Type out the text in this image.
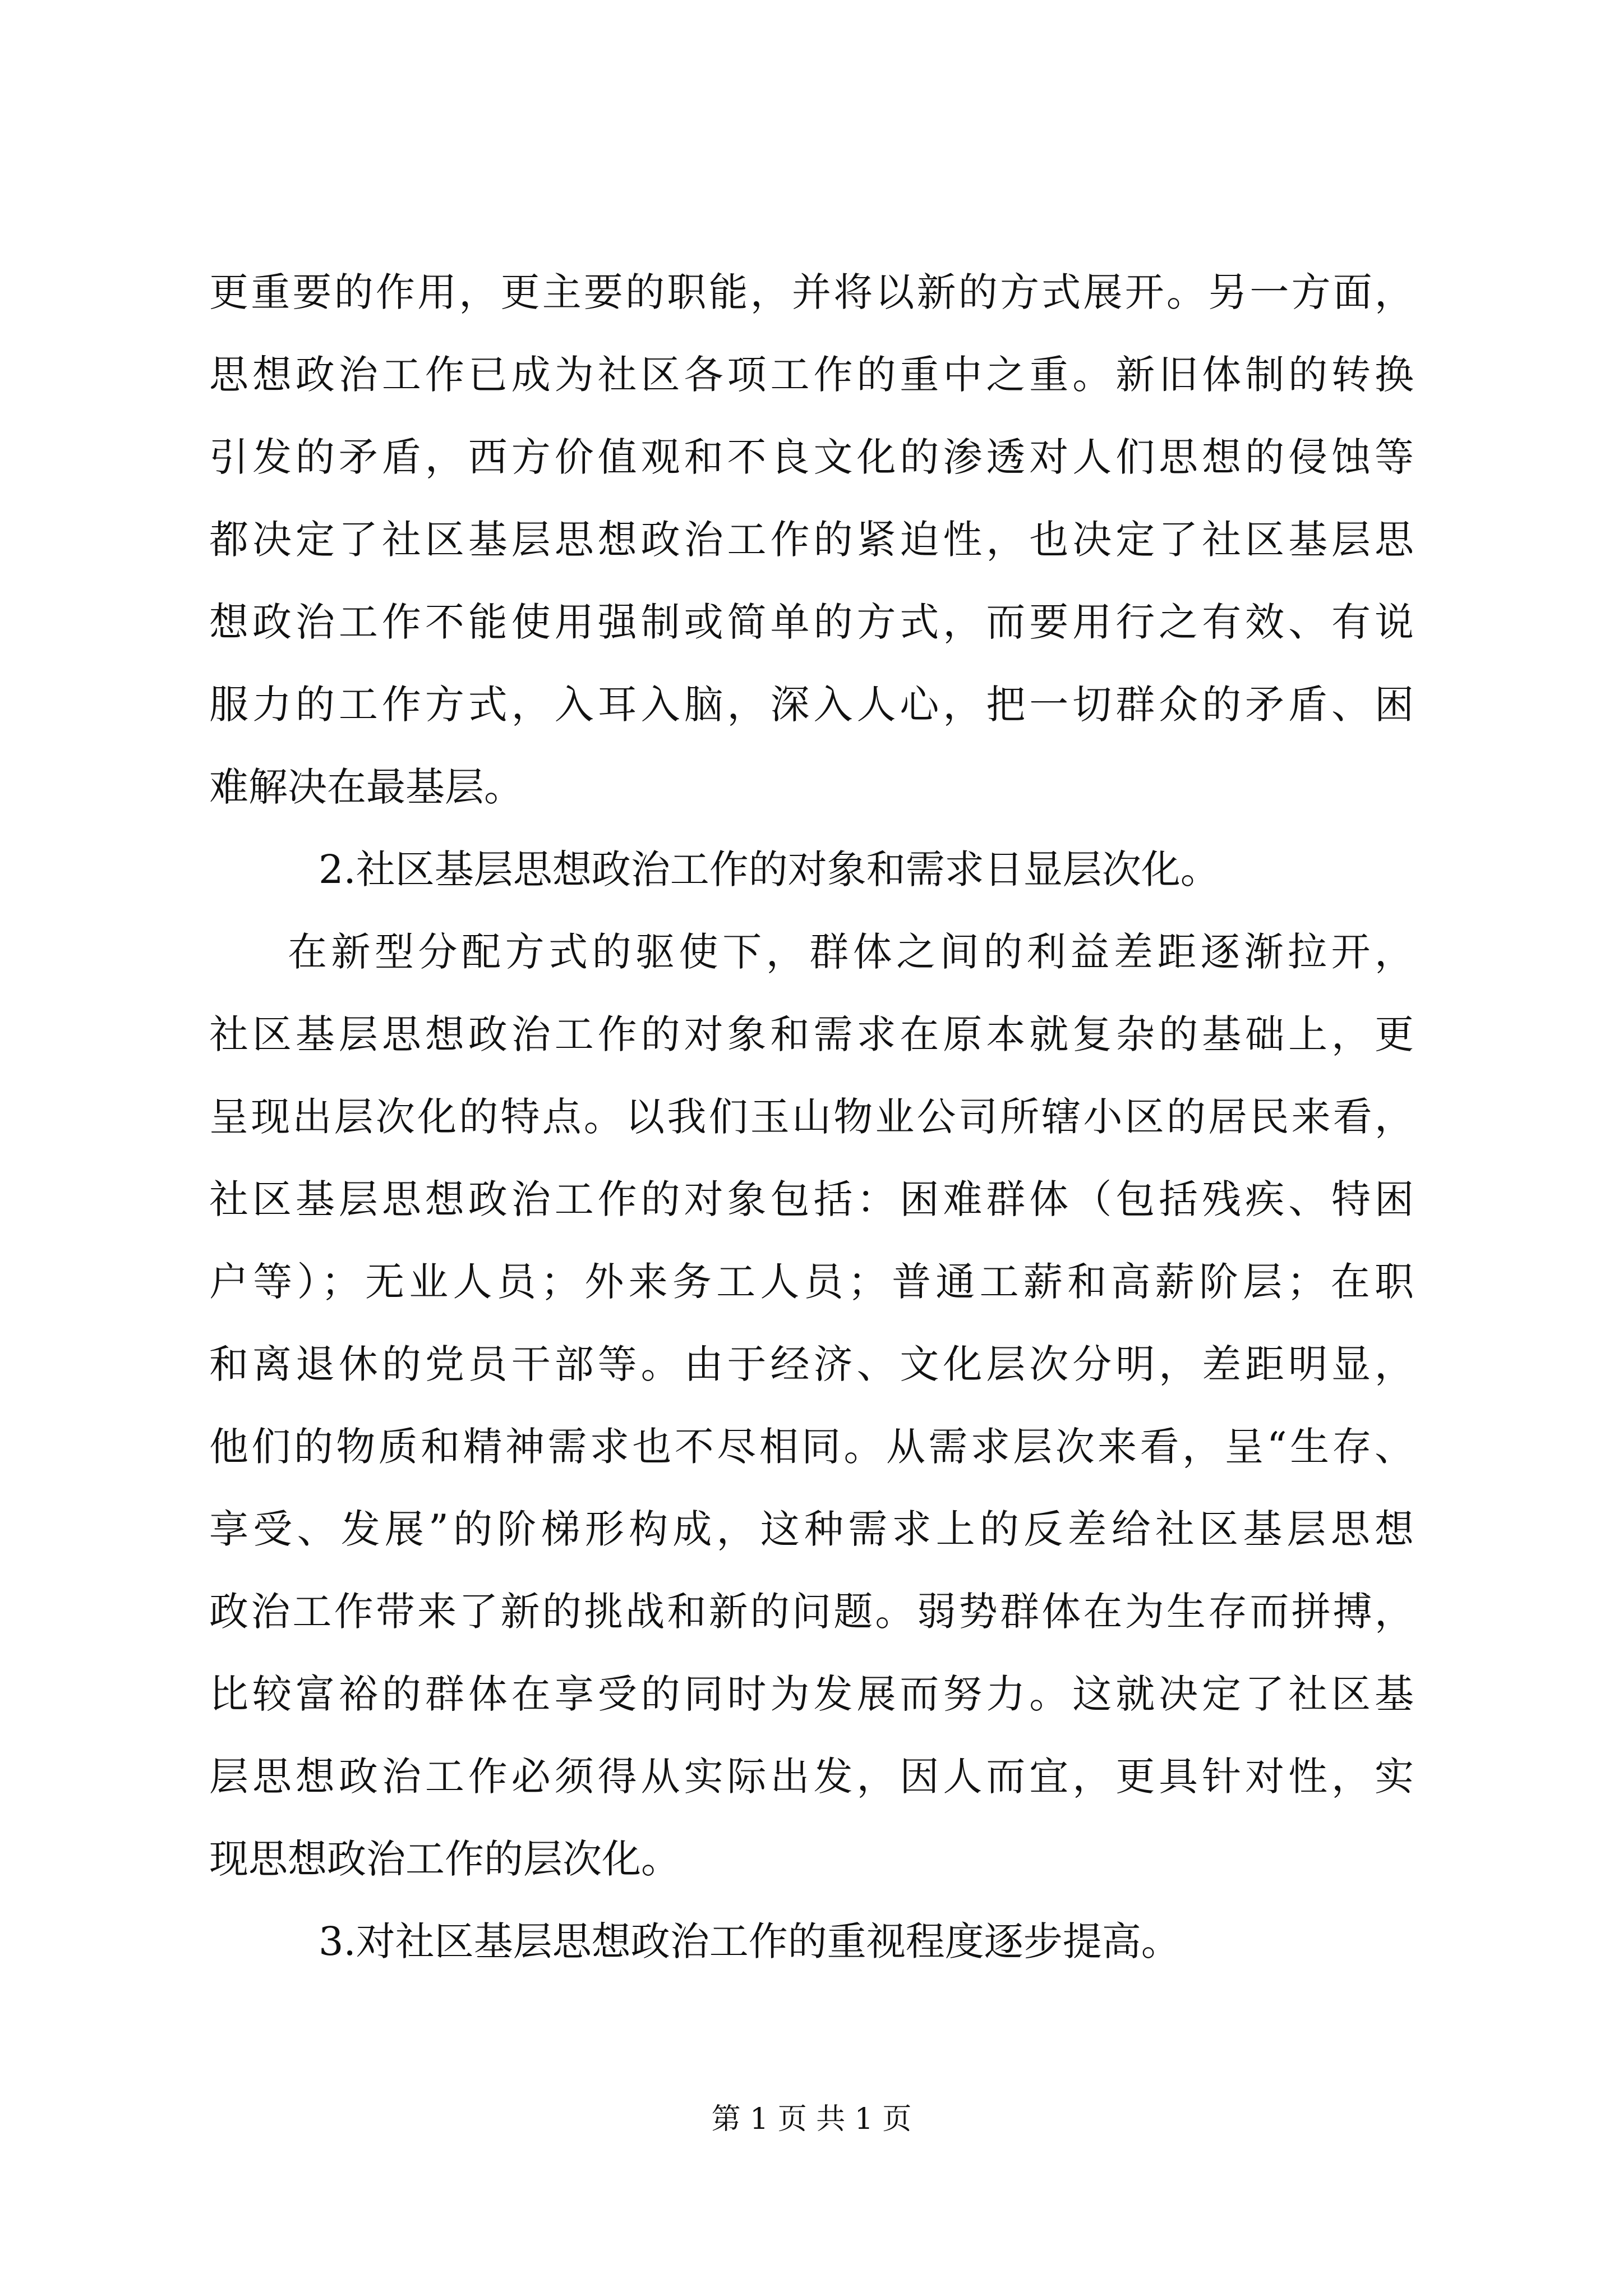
更重要的作用，更主要的职能，并将以新的方式展开。另一方面，
思想政治工作已成为社区各项工作的重中之重。新旧体制的转换
引发的矛盾，西方价值观和不良文化的渗透对人们思想的侵蚀等
都决定了社区基层思想政治工作的紧迫性，也决定了社区基层思
想政治工作不能使用强制或简单的方式，而要用行之有效、有说
服力的工作方式，入耳入脑，深入人心，把一切群众的矛盾、困
难解决在最基层。
2.社区基层思想政治工作的对象和需求日显层次化。
在新型分配方式的驱使下，群体之间的利益差距逐渐拉开，
社区基层思想政治工作的对象和需求在原本就复杂的基础上，更
呈现出层次化的特点。以我们玉山物业公司所辖小区的居民来看，
社区基层思想政治工作的对象包括：困难群体（包括残疾、特困
户等）；无业人员；外来务工人员；普通工薪和高薪阶层；在职
和离退休的党员干部等。由于经济、文化层次分明，差距明显，
他们的物质和精神需求也不尽相同。从需求层次来看，呈“生存、
享受、发展”的阶梯形构成，这种需求上的反差给社区基层思想
政治工作带来了新的挑战和新的问题。弱势群体在为生存而拼搏，
比较富裕的群体在享受的同时为发展而努力。这就决定了社区基
层思想政治工作必须得从实际出发，因人而宜，更具针对性，实
现思想政治工作的层次化。
3.对社区基层思想政治工作的重视程度逐步提高。
第 1 页 共 1 页
